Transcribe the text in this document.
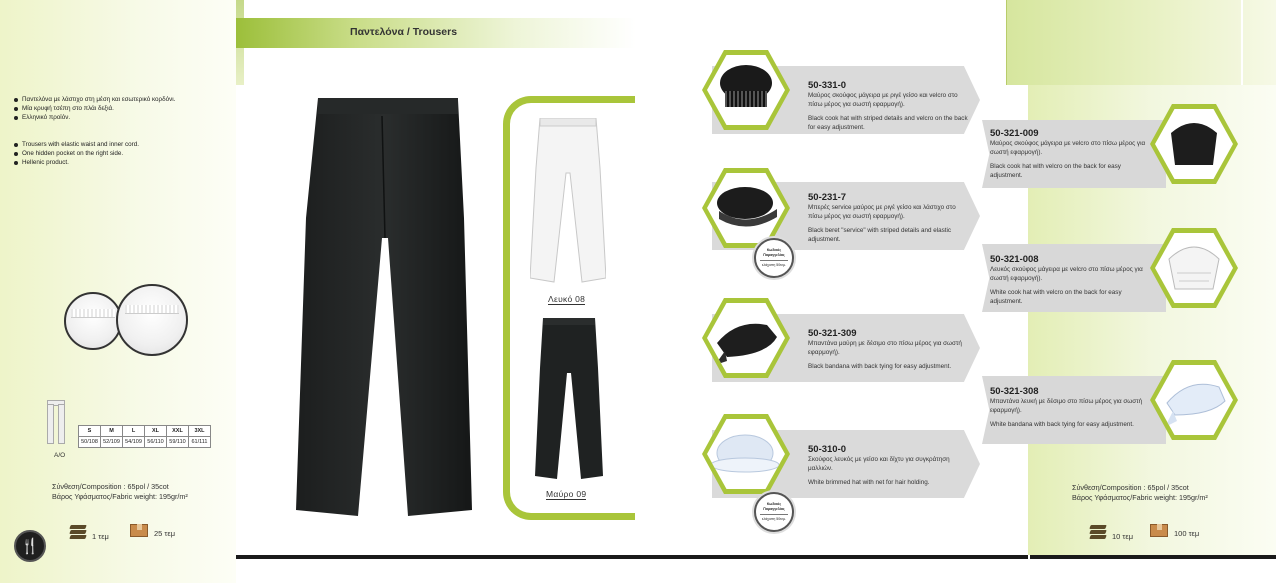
Παντελόνα με λάστιχο στη μέση και εσωτερικό κορδόνι.
Μία κρυφή τσέπη στο πλάι δεξιά.
Ελληνικό προϊόν.
Trousers with elastic waist and inner cord.
One hidden pocket on the right side.
Hellenic product.
A/O
S	M	L	XL	XXL	3XL
50/108	52/109	54/109	56/110	59/110	61/111
Σύνθεση/Composition : 65pol / 35cot
Βάρος Υφάσματος/Fabric weight: 195gr/m²
🍴
1 τεμ	25 τεμ
Παντελόνα / Trousers
Λευκό 08
Μαύρο 09
50-331-0
Μαύρος σκούφος μάγειρα με ριγέ γείσο και velcro στο πίσω μέρος για σωστή εφαρμογή).
Black cook hat with striped details and velcro on the back for easy adjustment.
Κωδικός Παραγγελίας
ελάχιστη 50τεμ.
50-231-7
Μπερές service μαύρος με ριγέ γείσο και λάστιχο στο πίσω μέρος για σωστή εφαρμογή).
Black beret "service" with striped details and elastic adjustment.
50-321-309
Μπαντάνα μαύρη με δέσιμο στο πίσω μέρος για σωστή εφαρμογή).
Black bandana with back tying for easy adjustment.
Κωδικός Παραγγελίας
ελάχιστη 50τεμ.
50-310-0
Σκούφος λευκός με γείσο και δίχτυ για συγκράτηση μαλλιών.
White brimmed hat with net for hair holding.
50-321-009
Μαύρος σκούφος μάγειρα με velcro στο πίσω μέρος για σωστή εφαρμογή).
Black cook hat with velcro on the back for easy adjustment.
50-321-008
Λευκός σκούφος μάγειρα με velcro στο πίσω μέρος για σωστή εφαρμογή).
White cook hat with velcro on the back for easy adjustment.
50-321-308
Μπαντάνα λευκή με δέσιμο στο πίσω μέρος για σωστή εφαρμογή).
White bandana with back tying for easy adjustment.
Σύνθεση/Composition : 65pol / 35cot
Βάρος Υφάσματος/Fabric weight: 195gr/m²
10 τεμ	100 τεμ
